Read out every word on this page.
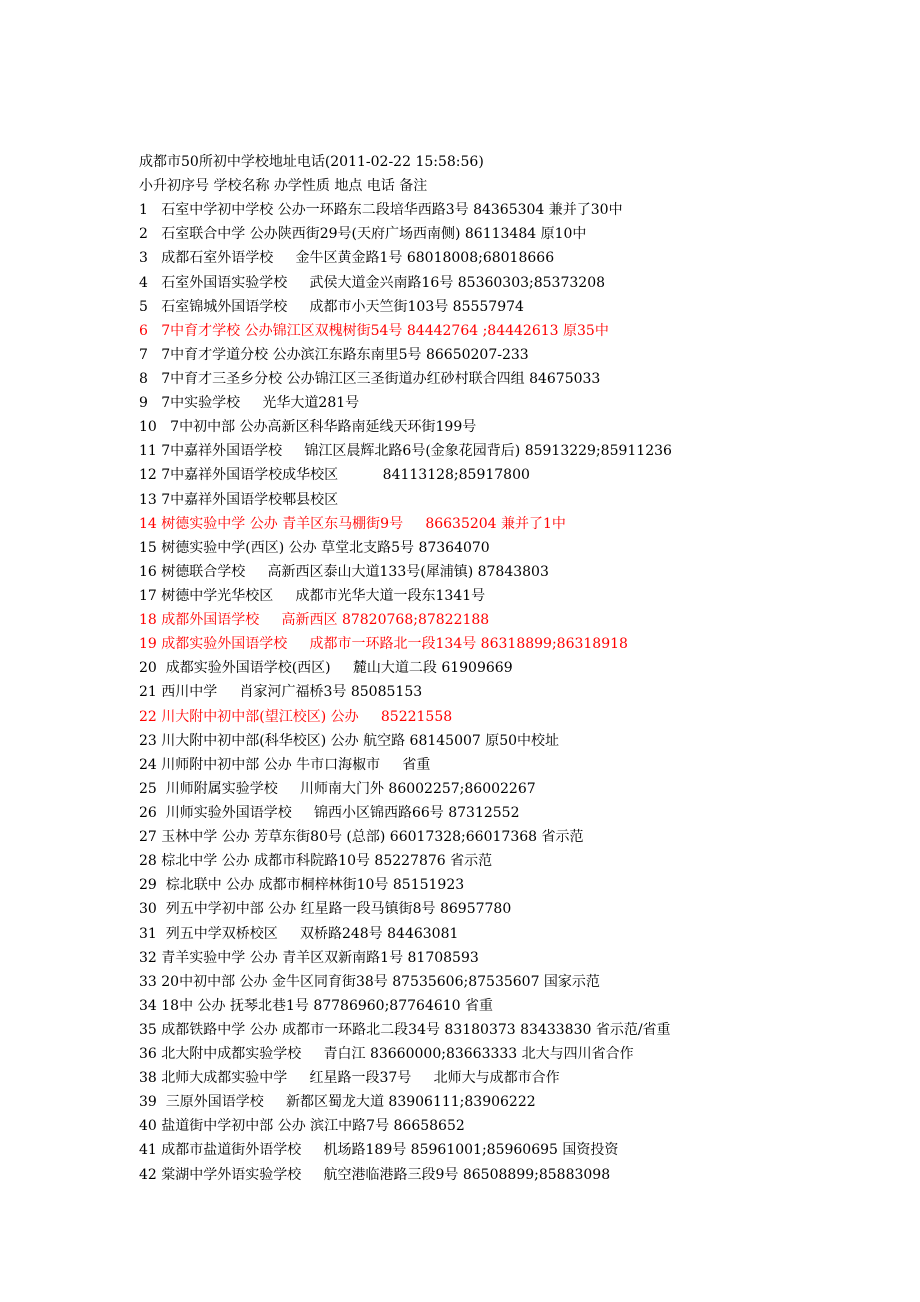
成都市50所初中学校地址电话(2011-02-22 15:58:56)
小升初序号 学校名称 办学性质 地点 电话 备注
1   石室中学初中学校 公办一环路东二段培华西路3号 84365304 兼并了30中
2   石室联合中学 公办陕西街29号(天府广场西南侧) 86113484 原10中
3   成都石室外语学校     金牛区黄金路1号 68018008;68018666
4   石室外国语实验学校     武侯大道金兴南路16号 85360303;85373208
5   石室锦城外国语学校     成都市小天竺街103号 85557974
6   7中育才学校 公办锦江区双槐树街54号 84442764 ;84442613 原35中
7   7中育才学道分校 公办滨江东路东南里5号 86650207-233
8   7中育才三圣乡分校 公办锦江区三圣街道办红砂村联合四组 84675033
9   7中实验学校     光华大道281号
10   7中初中部 公办高新区科华路南延线天环街199号
11 7中嘉祥外国语学校     锦江区晨辉北路6号(金象花园背后) 85913229;85911236
12 7中嘉祥外国语学校成华校区          84113128;85917800
13 7中嘉祥外国语学校郫县校区
14 树德实验中学 公办 青羊区东马棚街9号     86635204 兼并了1中
15 树德实验中学(西区) 公办 草堂北支路5号 87364070
16 树德联合学校     高新西区泰山大道133号(犀浦镇) 87843803
17 树德中学光华校区     成都市光华大道一段东1341号
18 成都外国语学校     高新西区 87820768;87822188
19 成都实验外国语学校     成都市一环路北一段134号 86318899;86318918
20  成都实验外国语学校(西区)     麓山大道二段 61909669
21 西川中学     肖家河广福桥3号 85085153
22 川大附中初中部(望江校区) 公办     85221558
23 川大附中初中部(科华校区) 公办 航空路 68145007 原50中校址
24 川师附中初中部 公办 牛市口海椒市     省重
25  川师附属实验学校     川师南大门外 86002257;86002267
26  川师实验外国语学校     锦西小区锦西路66号 87312552
27 玉林中学 公办 芳草东街80号 (总部) 66017328;66017368 省示范
28 棕北中学 公办 成都市科院路10号 85227876 省示范
29  棕北联中 公办 成都市桐梓林街10号 85151923
30  列五中学初中部 公办 红星路一段马镇街8号 86957780
31  列五中学双桥校区     双桥路248号 84463081
32 青羊实验中学 公办 青羊区双新南路1号 81708593
33 20中初中部 公办 金牛区同育街38号 87535606;87535607 国家示范
34 18中 公办 抚琴北巷1号 87786960;87764610 省重
35 成都铁路中学 公办 成都市一环路北二段34号 83180373 83433830 省示范/省重
36 北大附中成都实验学校     青白江 83660000;83663333 北大与四川省合作
38 北师大成都实验中学     红星路一段37号     北师大与成都市合作
39  三原外国语学校     新都区蜀龙大道 83906111;83906222
40 盐道街中学初中部 公办 滨江中路7号 86658652
41 成都市盐道街外语学校     机场路189号 85961001;85960695 国资投资
42 棠湖中学外语实验学校     航空港临港路三段9号 86508899;85883098
